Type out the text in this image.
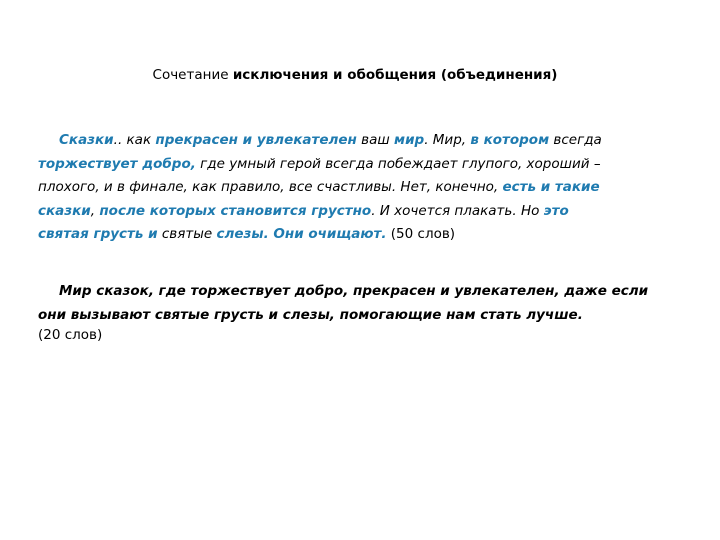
Сочетание исключения и обобщения (объединения)
Сказки.. как прекрасен и увлекателен ваш мир. Мир, в котором всегда
торжествует добро, где умный герой всегда побеждает глупого, хороший –
плохого, и в финале, как правило, все счастливы. Нет, конечно, есть и такие
сказки, после которых становится грустно. И хочется плакать. Но это
святая грусть и святые слезы. Они очищают. (50 слов)
Мир сказок, где торжествует добро, прекрасен и увлекателен, даже если
они вызывают святые грусть и слезы, помогающие нам стать лучше.
(20 слов)
